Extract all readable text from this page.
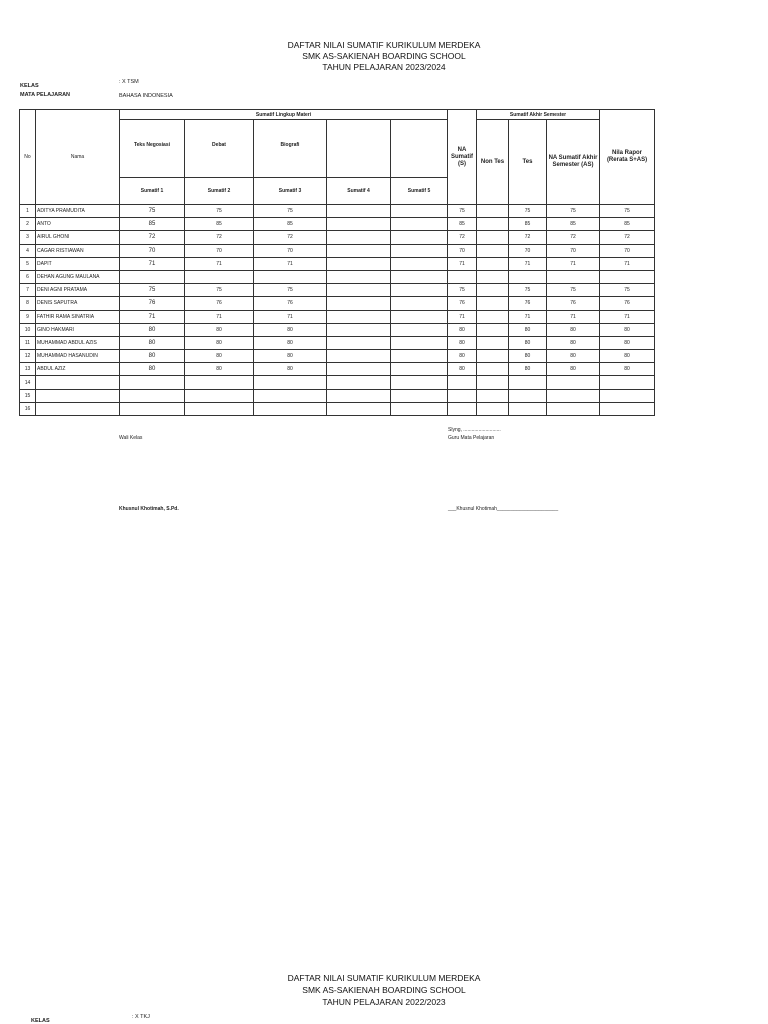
DAFTAR NILAI SUMATIF KURIKULUM MERDEKA
SMK AS-SAKIENAH BOARDING SCHOOL
TAHUN PELAJARAN 2023/2024
KELAS
: X TSM
MATA PELAJARAN	BAHASA INDONESIA
No	Nama	Sumatif Lingkup Materi					NA Sumatif (S)	Sumatif Akhir Semester			Nila Rapor (Rerata S+AS)
		Teks Negosiasi	Debat	Biografi				Non Tes	Tes	NA Sumatif Akhir Semester (AS)	
		Sumatif 1	Sumatif 2	Sumatif 3	Sumatif 4	Sumatif 5					
1	ADITYA PRAMUDITA	75	75	75			75		75	75	75
2	ANTO	85	85	85			85		85	85	85
3	AIRUL GHONI	72	72	72			72		72	72	72
4	CAGAR RISTIAWAN	70	70	70			70		70	70	70
5	DAPIT	71	71	71			71		71	71	71
6	DEHAN AGUNG MAULANA										
7	DENI AGNI PRATAMA	75	75	75			75		75	75	75
8	DENIS SAPUTRA	76	76	76			76		76	76	76
9	FATHIR RAMA SINATRIA	71	71	71			71		71	71	71
10	GINO HAKMARI	80	80	80			80		80	80	80
11	MUHAMMAD ABDUL AZIS	80	80	80			80		80	80	80
12	MUHAMMAD HASANUDIN	80	80	80			80		80	80	80
13	ABDUL AZIZ	80	80	80			80		80	80	80
14											
15											
16											
Wali Kelas
Slyng, ...........................
Guru Mata Pelajaran
Khusnul Khotimah, S.Pd.	___Khusnul Khotimah______________________
DAFTAR NILAI SUMATIF KURIKULUM MERDEKA
SMK AS-SAKIENAH BOARDING SCHOOL
TAHUN PELAJARAN 2022/2023
KELAS
: X TKJ
